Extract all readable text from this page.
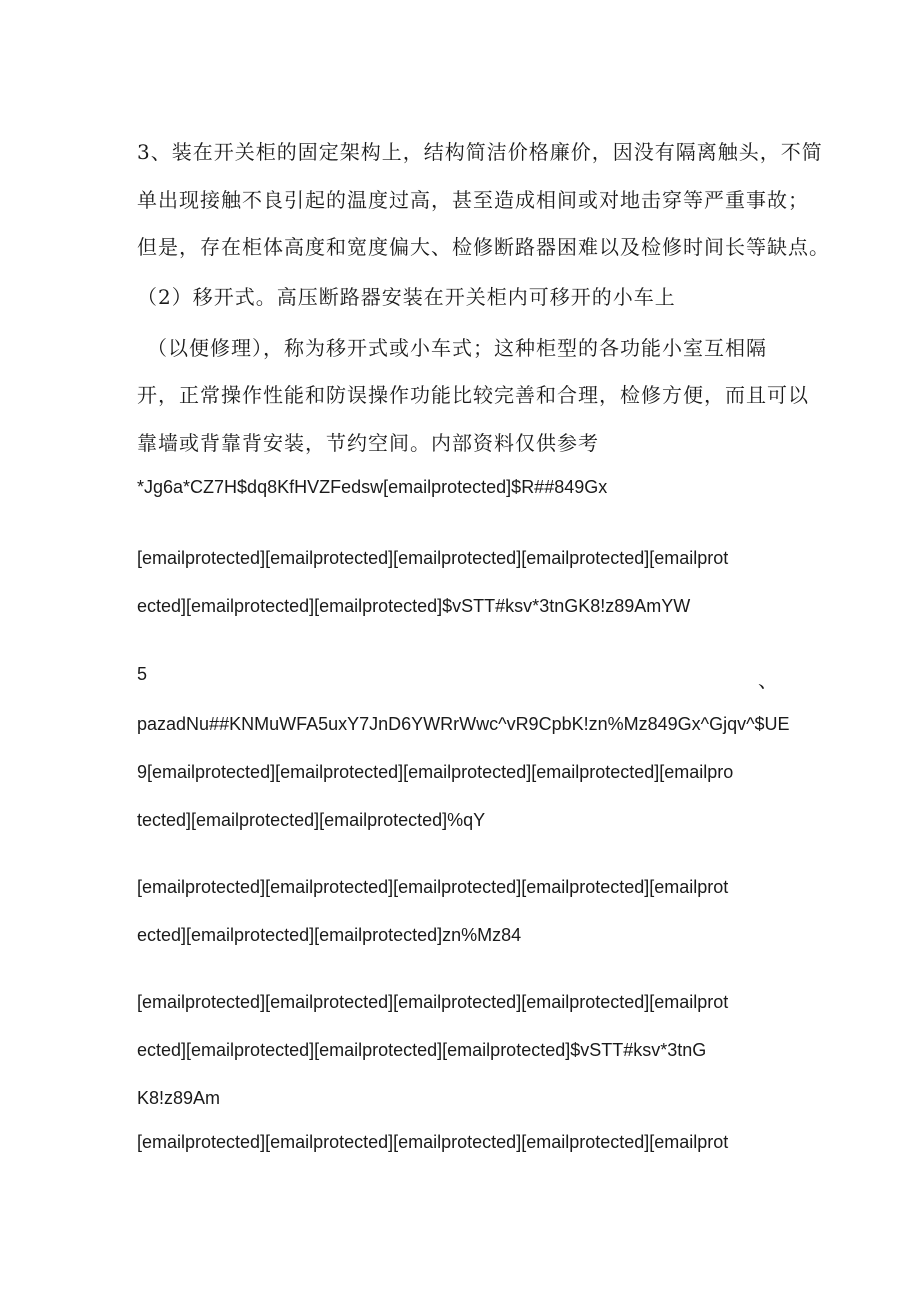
3、装在开关柜的固定架构上，结构简洁价格廉价，因没有隔离触头，不简
单出现接触不良引起的温度过高，甚至造成相间或对地击穿等严重事故；
但是，存在柜体高度和宽度偏大、检修断路器困难以及检修时间长等缺点。
（2）移开式。高压断路器安装在开关柜内可移开的小车上
（以便修理），称为移开式或小车式；这种柜型的各功能小室互相隔
开，正常操作性能和防误操作功能比较完善和合理，检修方便，而且可以
靠墙或背靠背安装，节约空间。内部资料仅供参考
*Jg6a*CZ7H$dq8KfHVZFedsw[emailprotected]$R##849Gx
[emailprotected][emailprotected][emailprotected][emailprotected][emailprot
ected][emailprotected][emailprotected]$vSTT#ksv*3tnGK8!z89AmYW
5	、
pazadNu##KNMuWFA5uxY7JnD6YWRrWwc^vR9CpbK!zn%Mz849Gx^Gjqv^$UE
9[emailprotected][emailprotected][emailprotected][emailprotected][emailpro
tected][emailprotected][emailprotected]%qY
[emailprotected][emailprotected][emailprotected][emailprotected][emailprot
ected][emailprotected][emailprotected]zn%Mz84
[emailprotected][emailprotected][emailprotected][emailprotected][emailprot
ected][emailprotected][emailprotected][emailprotected]$vSTT#ksv*3tnG
K8!z89Am
[emailprotected][emailprotected][emailprotected][emailprotected][emailprot
